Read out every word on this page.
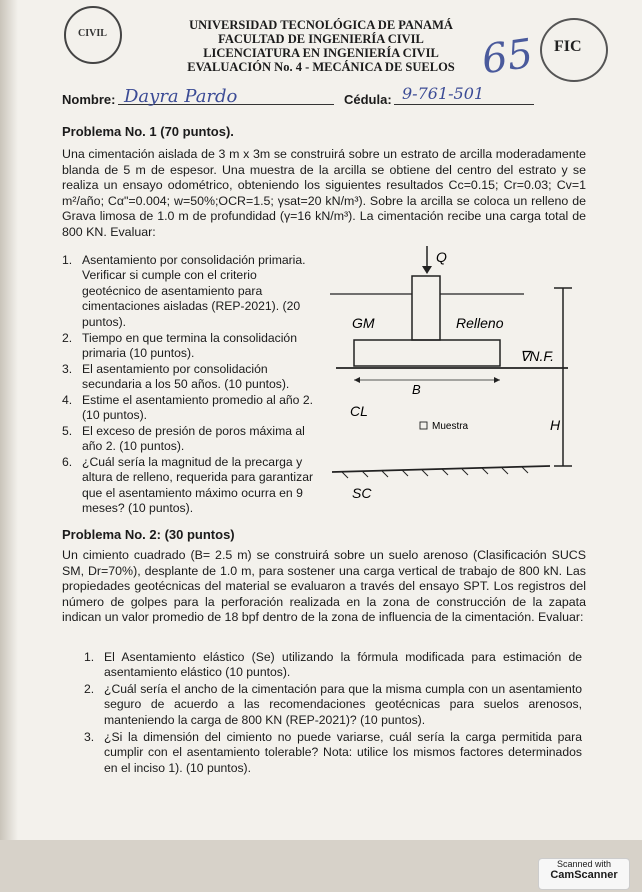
CIVIL
FIC
UNIVERSIDAD TECNOLÓGICA DE PANAMÁ
FACULTAD DE INGENIERÍA CIVIL
LICENCIATURA EN INGENIERÍA CIVIL
EVALUACIÓN No. 4 - MECÁNICA DE SUELOS 65
Nombre: Dayra Pardo	Cédula: 9-761-501
Problema No. 1 (70 puntos).
Una cimentación aislada de 3 m x 3m se construirá sobre un estrato de arcilla moderadamente blanda de 5 m de espesor. Una muestra de la arcilla se obtiene del centro del estrato y se realiza un ensayo odométrico, obteniendo los siguientes resultados Cc=0.15; Cr=0.03; Cv=1 m²/año; Cα"=0.004; w=50%;OCR=1.5; γsat=20 kN/m³). Sobre la arcilla se coloca un relleno de Grava limosa de 1.0 m de profundidad (γ=16 kN/m³). La cimentación recibe una carga total de 800 KN. Evaluar:
1. Asentamiento por consolidación primaria. Verificar si cumple con el criterio geotécnico de asentamiento para cimentaciones aisladas (REP-2021). (20 puntos).
2. Tiempo en que termina la consolidación primaria (10 puntos).
3. El asentamiento por consolidación secundaria a los 50 años. (10 puntos).
4. Estime el asentamiento promedio al año 2. (10 puntos).
5. El exceso de presión de poros máxima al año 2. (10 puntos).
6. ¿Cuál sería la magnitud de la precarga y altura de relleno, requerida para garantizar que el asentamiento máximo ocurra en 9 meses? (10 puntos).
Q
GM	Relleno
∇N.F.
B
H
CL
Muestra
SC
Problema No. 2: (30 puntos)
Un cimiento cuadrado (B= 2.5 m) se construirá sobre un suelo arenoso (Clasificación SUCS SM, Dr=70%), desplante de 1.0 m, para sostener una carga vertical de trabajo de 800 kN. Las propiedades geotécnicas del material se evaluaron a través del ensayo SPT. Los registros del número de golpes para la perforación realizada en la zona de construcción de la zapata indican un valor promedio de 18 bpf dentro de la zona de influencia de la cimentación. Evaluar:
1. El Asentamiento elástico (Se) utilizando la fórmula modificada para estimación de asentamiento elástico (10 puntos).
2. ¿Cuál sería el ancho de la cimentación para que la misma cumpla con un asentamiento seguro de acuerdo a las recomendaciones geotécnicas para suelos arenosos, manteniendo la carga de 800 KN (REP-2021)? (10 puntos).
3. ¿Si la dimensión del cimiento no puede variarse, cuál sería la carga permitida para cumplir con el asentamiento tolerable? Nota: utilice los mismos factores determinados en el inciso 1). (10 puntos).
Scanned with
CamScanner
